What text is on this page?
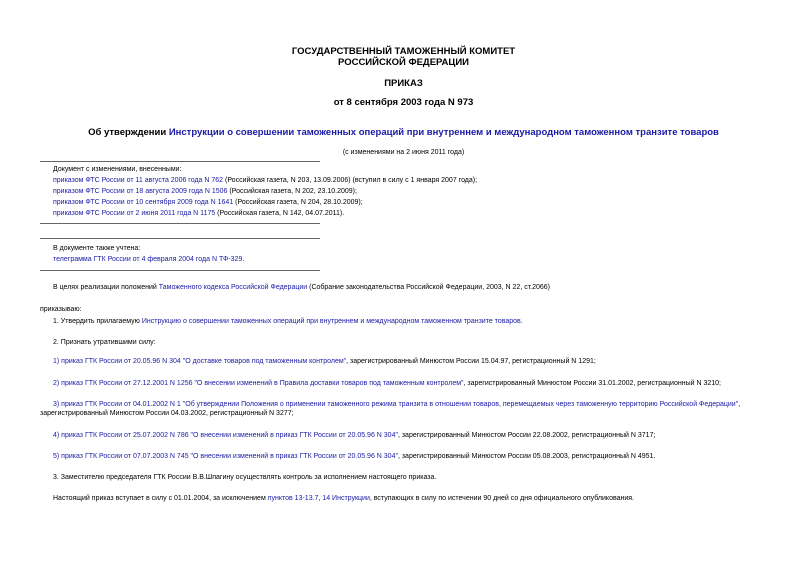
ГОСУДАРСТВЕННЫЙ ТАМОЖЕННЫЙ КОМИТЕТ
РОССИЙСКОЙ ФЕДЕРАЦИИ
ПРИКАЗ
от 8 сентября 2003 года N 973
Об утверждении Инструкции о совершении таможенных операций при внутреннем и международном таможенном транзите товаров
(с изменениями на 2 июня 2011 года)
Документ с изменениями, внесенными:
приказом ФТС России от 11 августа 2006 года N 762 (Российская газета, N 203, 13.09.2006) (вступил в силу с 1 января 2007 года);
приказом ФТС России от 18 августа 2009 года N 1506 (Российская газета, N 202, 23.10.2009);
приказом ФТС России от 10 сентября 2009 года N 1641 (Российская газета, N 204, 28.10.2009);
приказом ФТС России от 2 июня 2011 года N 1175 (Российская газета, N 142, 04.07.2011).
В документе также учтена:
телеграмма ГТК России от 4 февраля 2004 года N ТФ-329.
В целях реализации положений Таможенного кодекса Российской Федерации (Собрание законодательства Российской Федерации, 2003, N 22, ст.2066)
приказываю:
1. Утвердить прилагаемую Инструкцию о совершении таможенных операций при внутреннем и международном таможенном транзите товаров.
2. Признать утратившими силу:
1) приказ ГТК России от 20.05.96 N 304 "О доставке товаров под таможенным контролем", зарегистрированный Минюстом России 15.04.97, регистрационный N 1291;
2) приказ ГТК России от 27.12.2001 N 1256 "О внесении изменений в Правила доставки товаров под таможенным контролем", зарегистрированный Минюстом России 31.01.2002, регистрационный N 3210;
3) приказ ГТК России от 04.01.2002 N 1 "Об утверждении Положения о применении таможенного режима транзита в отношении товаров, перемещаемых через таможенную территорию Российской Федерации",
зарегистрированный Минюстом России 04.03.2002, регистрационный N 3277;
4) приказ ГТК России от 25.07.2002 N 786 "О внесении изменений в приказ ГТК России от 20.05.96 N 304", зарегистрированный Минюстом России 22.08.2002, регистрационный N 3717;
5) приказ ГТК России от 07.07.2003 N 745 "О внесении изменений в приказ ГТК России от 20.05.96 N 304", зарегистрированный Минюстом России 05.08.2003, регистрационный N 4951.
3. Заместителю председателя ГТК России В.В.Шпагину осуществлять контроль за исполнением настоящего приказа.
Настоящий приказ вступает в силу с 01.01.2004, за исключением пунктов 13-13.7, 14 Инструкции, вступающих в силу по истечении 90 дней со дня официального опубликования.
